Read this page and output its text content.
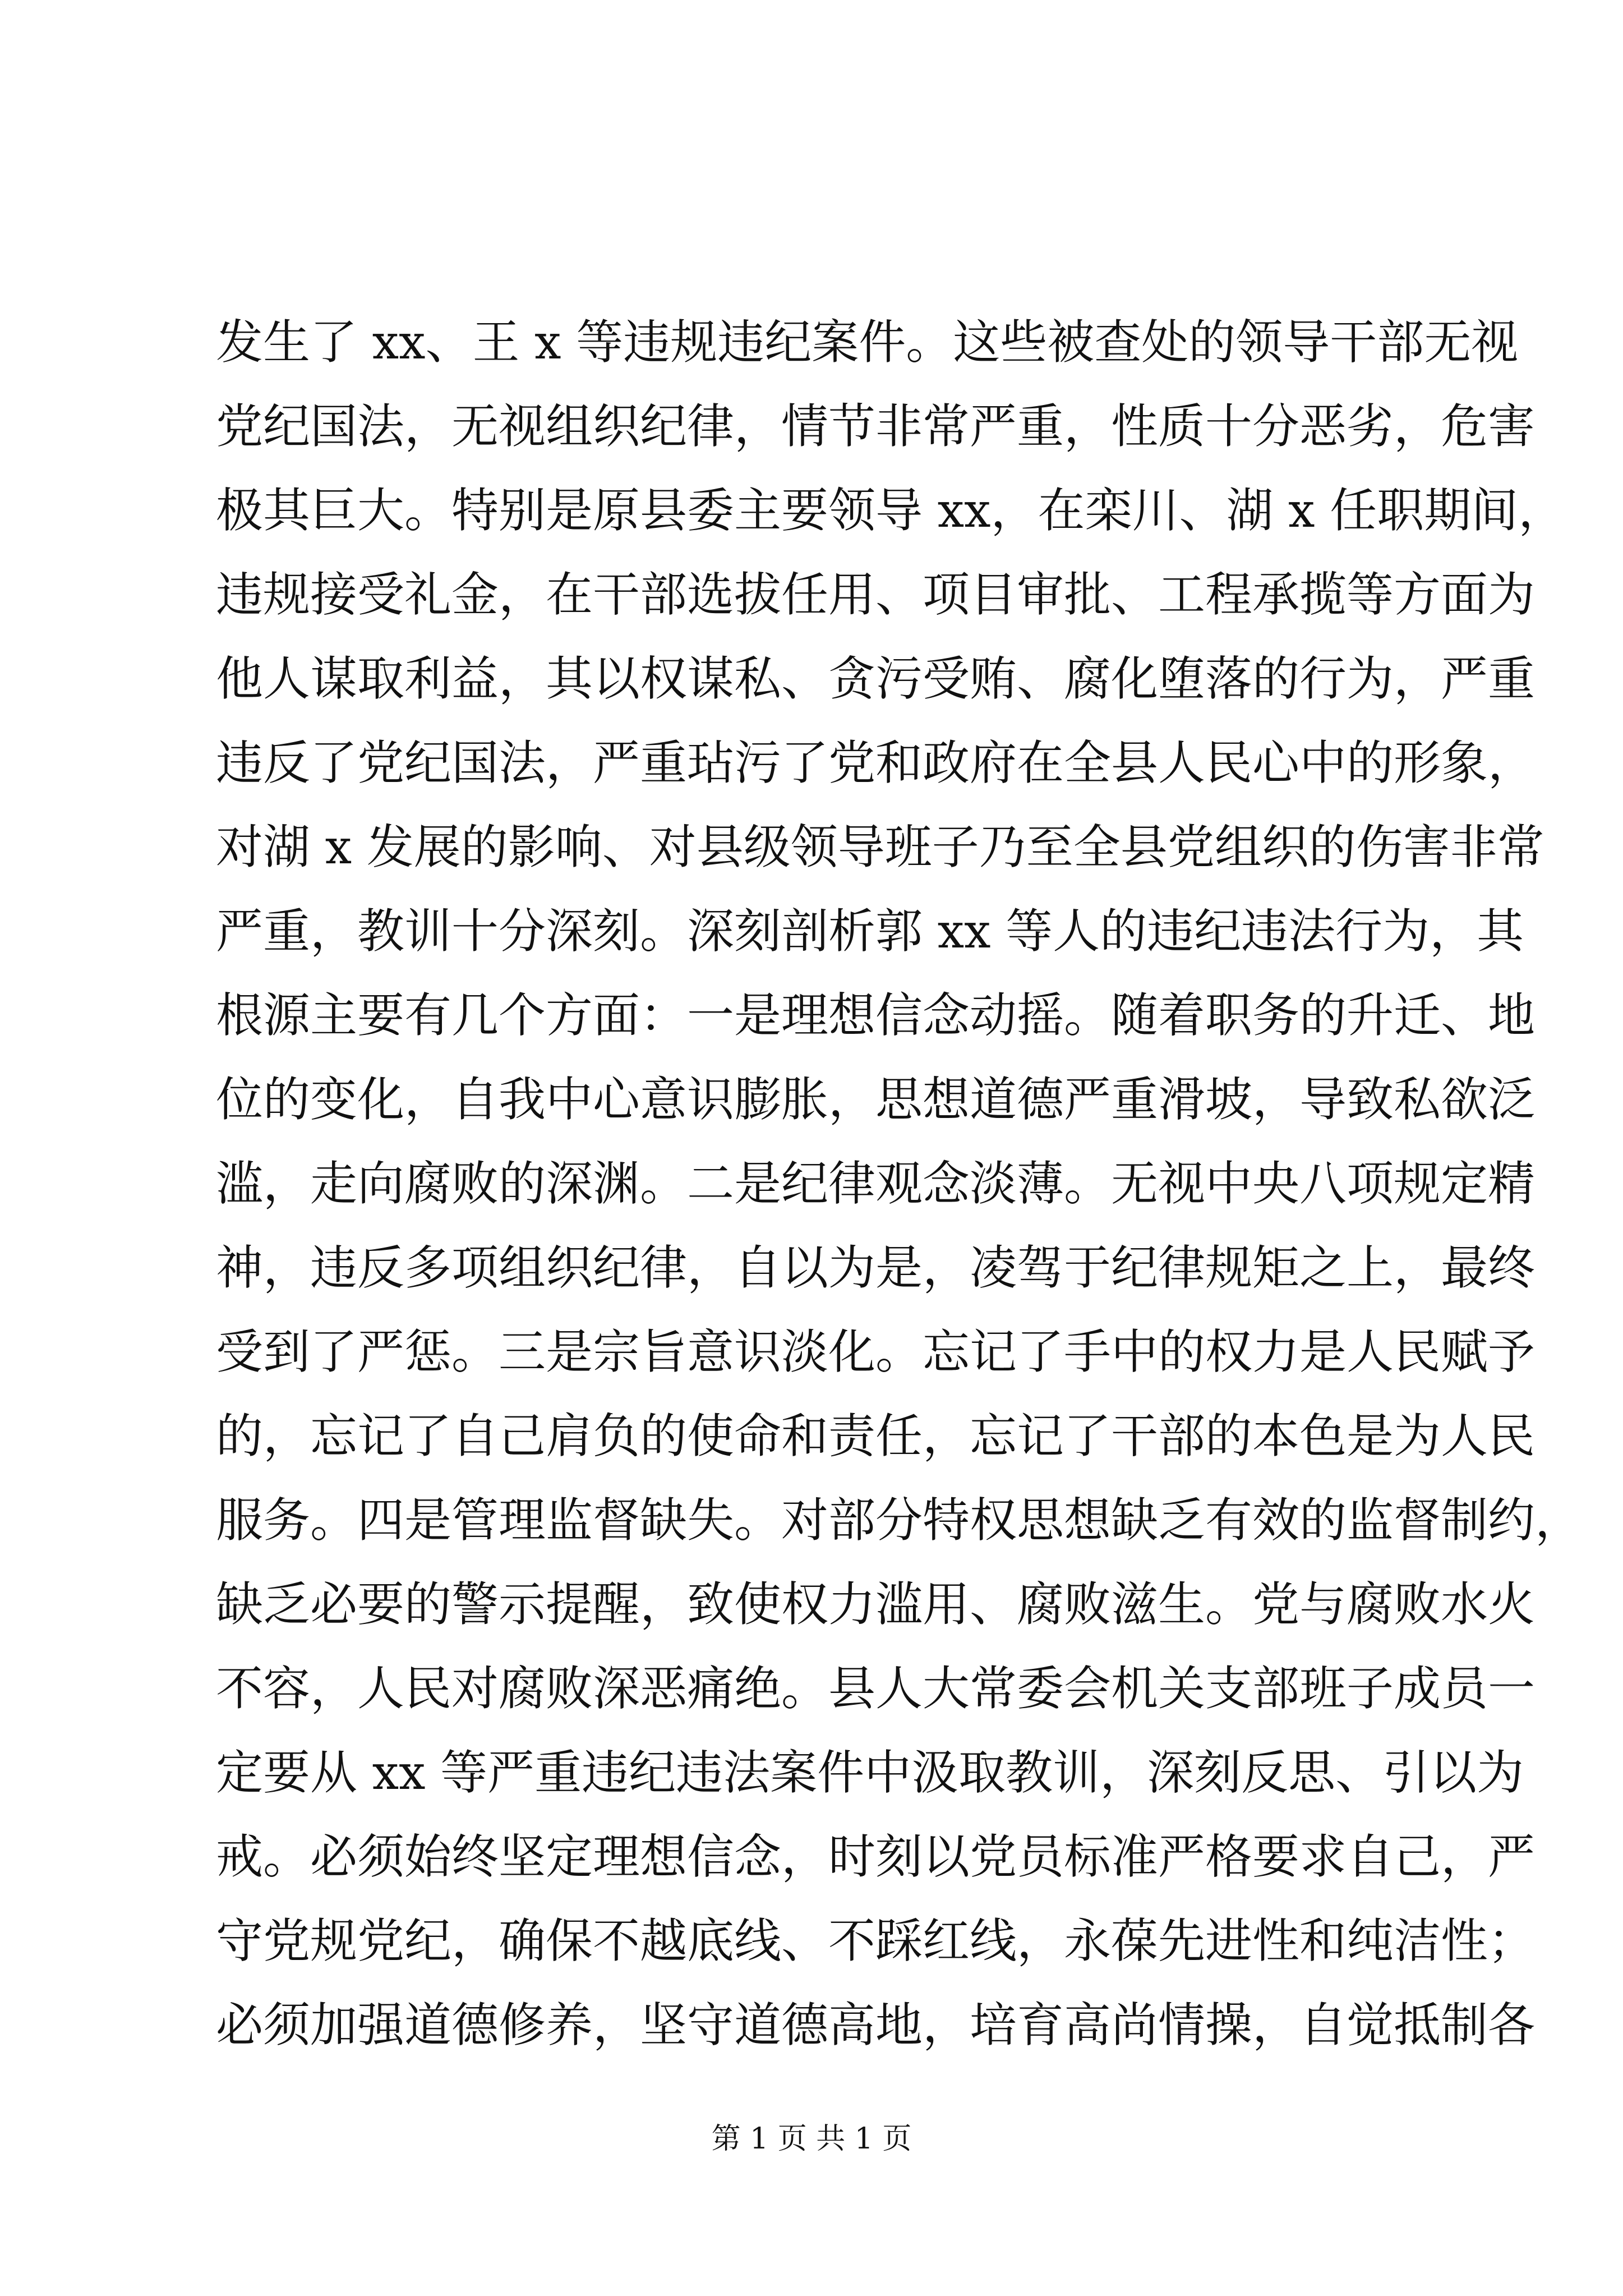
发生了 xx、王 x 等违规违纪案件。这些被查处的领导干部无视
党纪国法，无视组织纪律，情节非常严重，性质十分恶劣，危害
极其巨大。特别是原县委主要领导 xx，在栾川、湖 x 任职期间，
违规接受礼金，在干部选拔任用、项目审批、工程承揽等方面为
他人谋取利益，其以权谋私、贪污受贿、腐化堕落的行为，严重
违反了党纪国法，严重玷污了党和政府在全县人民心中的形象，
对湖 x 发展的影响、对县级领导班子乃至全县党组织的伤害非常
严重，教训十分深刻。深刻剖析郭 xx 等人的违纪违法行为，其
根源主要有几个方面：一是理想信念动摇。随着职务的升迁、地
位的变化，自我中心意识膨胀，思想道德严重滑坡，导致私欲泛
滥，走向腐败的深渊。二是纪律观念淡薄。无视中央八项规定精
神，违反多项组织纪律，自以为是，凌驾于纪律规矩之上，最终
受到了严惩。三是宗旨意识淡化。忘记了手中的权力是人民赋予
的，忘记了自己肩负的使命和责任，忘记了干部的本色是为人民
服务。四是管理监督缺失。对部分特权思想缺乏有效的监督制约，
缺乏必要的警示提醒，致使权力滥用、腐败滋生。党与腐败水火
不容，人民对腐败深恶痛绝。县人大常委会机关支部班子成员一
定要从 xx 等严重违纪违法案件中汲取教训，深刻反思、引以为
戒。必须始终坚定理想信念，时刻以党员标准严格要求自己，严
守党规党纪，确保不越底线、不踩红线，永葆先进性和纯洁性；
必须加强道德修养，坚守道德高地，培育高尚情操，自觉抵制各
第 1 页 共 1 页
